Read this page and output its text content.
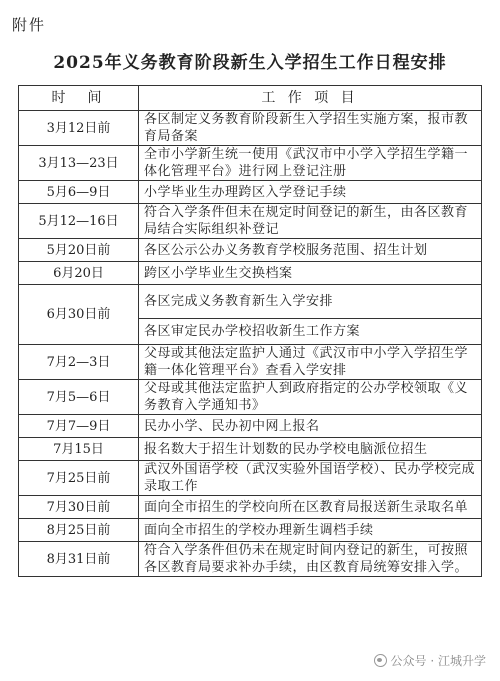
附件
2025年义务教育阶段新生入学招生工作日程安排
时　间	工 作 项 目
3月12日前	各区制定义务教育阶段新生入学招生实施方案，报市教育局备案
3月13—23日	全市小学新生统一使用《武汉市中小学入学招生学籍一体化管理平台》进行网上登记注册
5月6—9日	小学毕业生办理跨区入学登记手续
5月12—16日	符合入学条件但未在规定时间登记的新生，由各区教育局结合实际组织补登记
5月20日前	各区公示公办义务教育学校服务范围、招生计划
6月20日	跨区小学毕业生交换档案
6月30日前	各区完成义务教育新生入学安排
	各区审定民办学校招收新生工作方案
7月2—3日	父母或其他法定监护人通过《武汉市中小学入学招生学籍一体化管理平台》查看入学安排
7月5—6日	父母或其他法定监护人到政府指定的公办学校领取《义务教育入学通知书》
7月7—9日	民办小学、民办初中网上报名
7月15日	报名数大于招生计划数的民办学校电脑派位招生
7月25日前	武汉外国语学校（武汉实验外国语学校）、民办学校完成录取工作
7月30日前	面向全市招生的学校向所在区教育局报送新生录取名单
8月25日前	面向全市招生的学校办理新生调档手续
8月31日前	符合入学条件但仍未在规定时间内登记的新生，可按照各区教育局要求补办手续，由区教育局统筹安排入学。
公众号 · 江城升学
